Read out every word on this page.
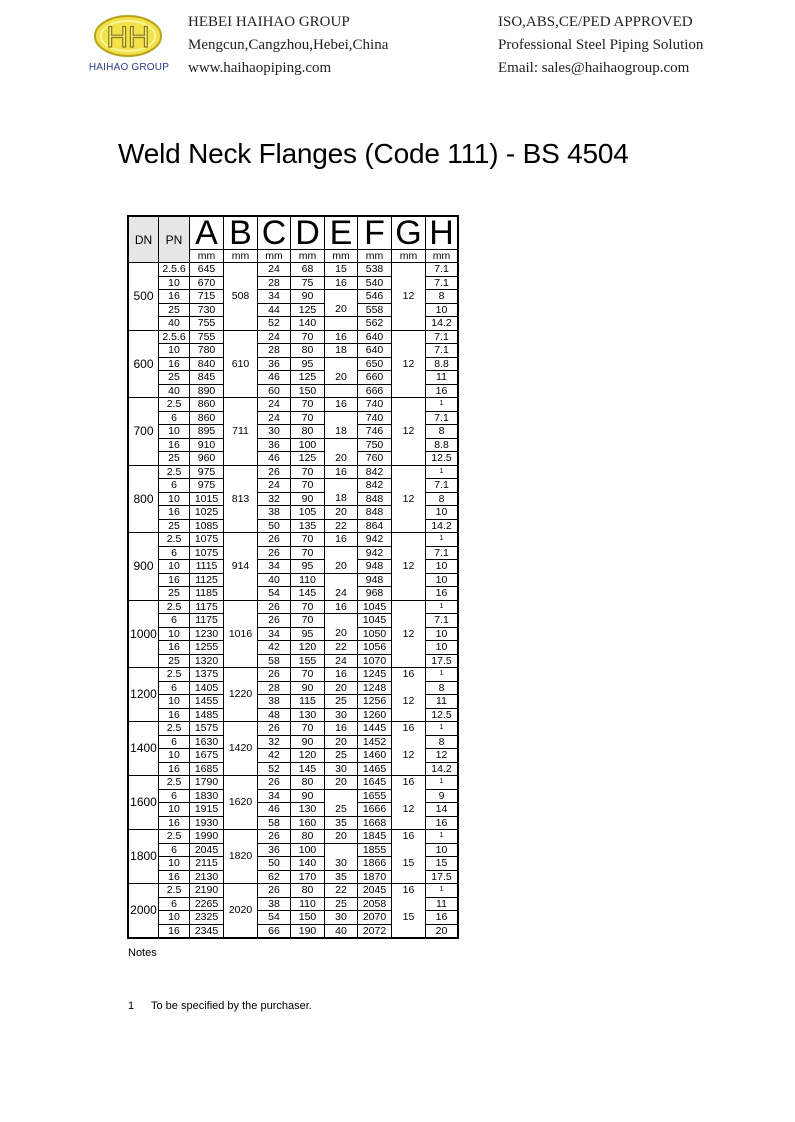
HH
HAIHAO GROUP
HEBEI HAIHAO GROUP
Mengcun,Cangzhou,Hebei,China
www.haihaopiping.com
ISO,ABS,CE/PED APPROVED
Professional Steel Piping Solution
Email: sales@haihaogroup.com
Weld Neck Flanges (Code 111) - BS 4504
DN	PN	A	B	C	D	E	F	G	H

		mm	mm	mm	mm	mm	mm	mm	mm
500	2.5.6	645	508	24	68	15	538		7.1
	10	670		28	75	16	540		7.1
	16	715		34	90		546	12	8
	25	730		44	125	20	558		10
	40	755		52	140		562		14.2
600	2.5.6	755	610	24	70	16	640		7.1
	10	780		28	80	18	640		7.1
	16	840		36	95		650	12	8.8
	25	845		46	125	20	660		11
	40	890		60	150		666		16
700	2.5	860	711	24	70	16	740		1
	6	860		24	70		740		7.1
	10	895		30	80	18	746	12	8
	16	910		36	100		750		8.8
	25	960		46	125	20	760		12.5
800	2.5	975	813	26	70	16	842		1
	6	975		24	70		842		7.1
	10	1015		32	90	18	848	12	8
	16	1025		38	105	20	848		10
	25	1085		50	135	22	864		14.2
900	2.5	1075	914	26	70	16	942		1
	6	1075		26	70		942		7.1
	10	1115		34	95	20	948	12	10
	16	1125		40	110		948		10
	25	1185		54	145	24	968		16
1000	2.5	1175	1016	26	70	16	1045		1
	6	1175		26	70		1045		7.1
	10	1230		34	95	20	1050	12	10
	16	1255		42	120	22	1056		10
	25	1320		58	155	24	1070		17.5
1200	2.5	1375	1220	26	70	16	1245	16	1
	6	1405		28	90	20	1248		8
	10	1455		38	115	25	1256	12	11
	16	1485		48	130	30	1260		12.5
1400	2.5	1575	1420	26	70	16	1445	16	1
	6	1630		32	90	20	1452		8
	10	1675		42	120	25	1460	12	12
	16	1685		52	145	30	1465		14.2
1600	2.5	1790	1620	26	80	20	1645	16	1
	6	1830		34	90		1655		9
	10	1915		46	130	25	1666	12	14
	16	1930		58	160	35	1668		16
1800	2.5	1990	1820	26	80	20	1845	16	1
	6	2045		36	100		1855		10
	10	2115		50	140	30	1866	15	15
	16	2130		62	170	35	1870		17.5
2000	2.5	2190	2020	26	80	22	2045	16	1
	6	2265		38	110	25	2058		11
	10	2325		54	150	30	2070	15	16
	16	2345		66	190	40	2072		20
Notes
1 To be specified by the purchaser.
